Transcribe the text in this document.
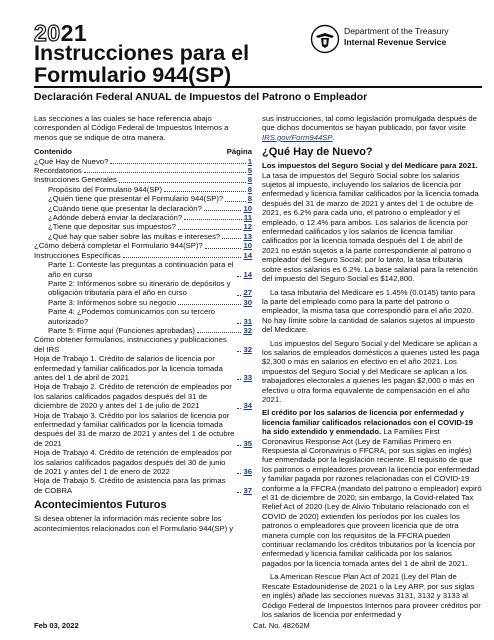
2021	Department of the Treasury
Internal Revenue Service
Instrucciones para el
Formulario 944(SP)
Declaración Federal ANUAL de Impuestos del Patrono o Empleador

Las secciones a las cuales se hace referencia abajo corresponden al Código Federal de Impuestos Internos a menos que se indique de otra manera.

Contenido	Página
¿Qué Hay de Nuevo?	1
Recordatorios	5
Instrucciones Generales	8
Propósito del Formulario 944(SP)	8
¿Quién tiene que presentar el Formulario 944(SP)?	8
¿Cuándo tiene que presentar la declaración?	10
¿Adónde deberá enviar la declaración?	11
¿Tiene que depositar sus impuestos?	12
¿Qué hay que saber sobre las multas e intereses?	13
¿Cómo deberá completar el Formulario 944(SP)?	10
Instrucciones Específicas	14
Parte 1: Conteste las preguntas a continuación para el año en curso	14
Parte 2: Infórmenos sobre su itinerario de depósitos y obligación tributaria para el año en curso	27
Parte 3: Infórmenos sobre su negocio	30
Parte 4: ¿Podemos comunicarnos con su tercero autorizado?	31
Parte 5: Firme aquí (Funciones aprobadas)	32
Cómo obtener formularios, instrucciones y publicaciones del IRS	32
Hoja de Trabajo 1. Crédito de salarios de licencia por enfermedad y familiar calificados por la licencia tomada antes del 1 de abril de 2021	33
Hoja de Trabajo 2. Crédito de retención de empleados por los salarios calificados pagados después del 31 de diciembre de 2020 y antes del 1 de julio de 2021	34
Hoja de Trabajo 3. Crédito por los salarios de licencia por enfermedad y familiar calificados por la licencia tomada después del 31 de marzo de 2021 y antes del 1 de octubre de 2021	35
Hoja de Trabajo 4. Crédito de retención de empleados por los salarios calificados pagados después del 30 de junio de 2021 y antes del 1 de enero de 2022	36
Hoja de Trabajo 5. Crédito de asistencia para las primas de COBRA	37
Acontecimientos Futuros

Si desea obtener la información más reciente sobre los acontecimientos relacionados con el Formulario 944(SP) y

sus instrucciones, tal como legislación promulgada después de que dichos documentos se hayan publicado, por favor visite IRS.gov/Form944SP.

¿Qué Hay de Nuevo?

Los impuestos del Seguro Social y del Medicare para 2021. La tasa de impuestos del Seguro Social sobre los salarios sujetos al impuesto, incluyendo los salarios de licencia por enfermedad y licencia familiar calificados por la licencia tomada después del 31 de marzo de 2021 y antes del 1 de octubre de 2021, es 6.2% para cada uno, el patrono o empleador y el empleado, o 12.4% para ambos. Los salarios de licencia por enfermedad calificados y los salarios de licencia familiar calificados por la licencia tomada después del 1 de abril de 2021 no están sujetos a la parte correspondiente al patrono o empleador del Seguro Social; por lo tanto, la tasa tributaria sobre estos salarios es 6.2%. La base salarial para la retención del impuesto del Seguro Social es $142,800.

La tasa tributaria del Medicare es 1.45% (0.0145) tanto para la parte del empleado como para la parte del patrono o empleador, la misma tasa que correspondió para el año 2020. No hay límite sobre la cantidad de salarios sujetos al impuesto del Medicare.

Los impuestos del Seguro Social y del Medicare se aplican a los salarios de empleados domésticos a quienes usted les paga $2,300 o más en salarios en efectivo en el año 2021. Los impuestos del Seguro Social y del Medicare se aplican a los trabajadores electorales a quienes les pagan $2,000 o más en efectivo u otra forma equivalente de compensación en el año 2021.

El crédito por los salarios de licencia por enfermedad y licencia familiar calificados relacionados con el COVID-19 ha sido extendido y enmendado. La Families First Coronavirus Response Act (Ley de Familias Primero en Respuesta al Coronavirus o FFCRA, por sus siglas en inglés) fue enmendada por la legislación reciente. El requisito de que los patronos o empleadores provean la licencia por enfermedad y familiar pagada por razones relacionadas con el COVID-19 conforme a la FFCRA (mandato del patrono o empleador) expiró el 31 de diciembre de 2020; sin embargo, la Covid-related Tax Relief Act of 2020 (Ley de Alivio Tributario relacionado con el COVID de 2020) extienden los períodos por los cuales los patronos o empleadores que proveen licencia que de otra manera cumple con los requisitos de la FFCRA pueden continuar reclamando los créditos tributarios por la licencia por enfermedad y licencia familiar calificada por los salarios pagados por la licencia tomada antes del 1 de abril de 2021.

La American Rescue Plan Act of 2021 (Ley del Plan de Rescate Estadounidense de 2021 o la Ley ARP, por sus siglas en inglés) añade las secciones nuevas 3131, 3132 y 3133 al Código Federal de Impuestos Internos para proveer créditos por los salarios de licencia por enfermedad y

Feb 03, 2022	Cat. No. 48262M
